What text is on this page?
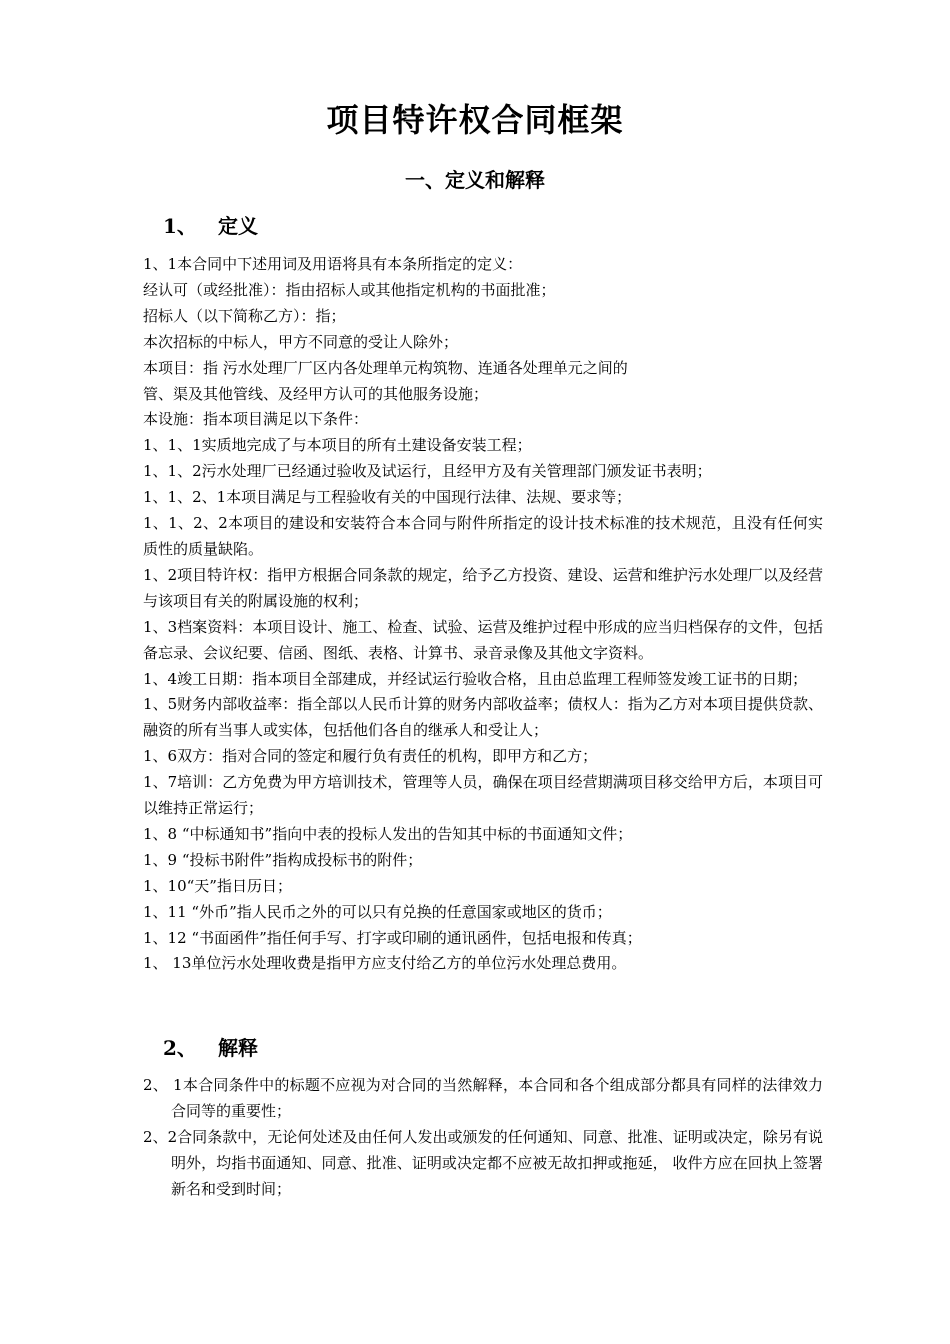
项目特许权合同框架
一、定义和解释
1、 定义

1、1本合同中下述用词及用语将具有本条所指定的定义：

经认可（或经批准）：指由招标人或其他指定机构的书面批准；

招标人（以下简称乙方）：指；

本次招标的中标人，甲方不同意的受让人除外；

本项目：指 污水处理厂厂区内各处理单元构筑物、连通各处理单元之间的

管、渠及其他管线、及经甲方认可的其他服务设施；

本设施：指本项目满足以下条件：

1、1、1实质地完成了与本项目的所有土建设备安装工程；

1、1、2污水处理厂已经通过验收及试运行，且经甲方及有关管理部门颁发证书表明；

1、1、2、1本项目满足与工程验收有关的中国现行法律、法规、要求等；

1、1、2、2本项目的建设和安装符合本合同与附件所指定的设计技术标准的技术规范，且没有任何实质性的质量缺陷。

1、2项目特许权：指甲方根据合同条款的规定，给予乙方投资、建设、运营和维护污水处理厂以及经营与该项目有关的附属设施的权利；

1、3档案资料：本项目设计、施工、检查、试验、运营及维护过程中形成的应当归档保存的文件，包括备忘录、会议纪要、信函、图纸、表格、计算书、录音录像及其他文字资料。

1、4竣工日期：指本项目全部建成，并经试运行验收合格，且由总监理工程师签发竣工证书的日期；

1、5财务内部收益率：指全部以人民币计算的财务内部收益率；债权人：指为乙方对本项目提供贷款、融资的所有当事人或实体，包括他们各自的继承人和受让人；

1、6双方：指对合同的签定和履行负有责任的机构，即甲方和乙方；

1、7培训：乙方免费为甲方培训技术，管理等人员，确保在项目经营期满项目移交给甲方后，本项目可以维持正常运行；

1、8 “中标通知书”指向中表的投标人发出的告知其中标的书面通知文件；

1、9 “投标书附件”指构成投标书的附件；

1、10“天”指日历日；

1、11 “外币”指人民币之外的可以只有兑换的任意国家或地区的货币；

1、12 “书面函件”指任何手写、打字或印刷的通讯函件，包括电报和传真；

1、 13单位污水处理收费是指甲方应支付给乙方的单位污水处理总费用。

2、 解释

2、 1本合同条件中的标题不应视为对合同的当然解释，本合同和各个组成部分都具有同样的法律效力合同等的重要性；

2、2合同条款中，无论何处述及由任何人发出或颁发的任何通知、同意、批准、证明或决定，除另有说明外，均指书面通知、同意、批准、证明或决定都不应被无故扣押或拖延， 收件方应在回执上签署新名和受到时间；
